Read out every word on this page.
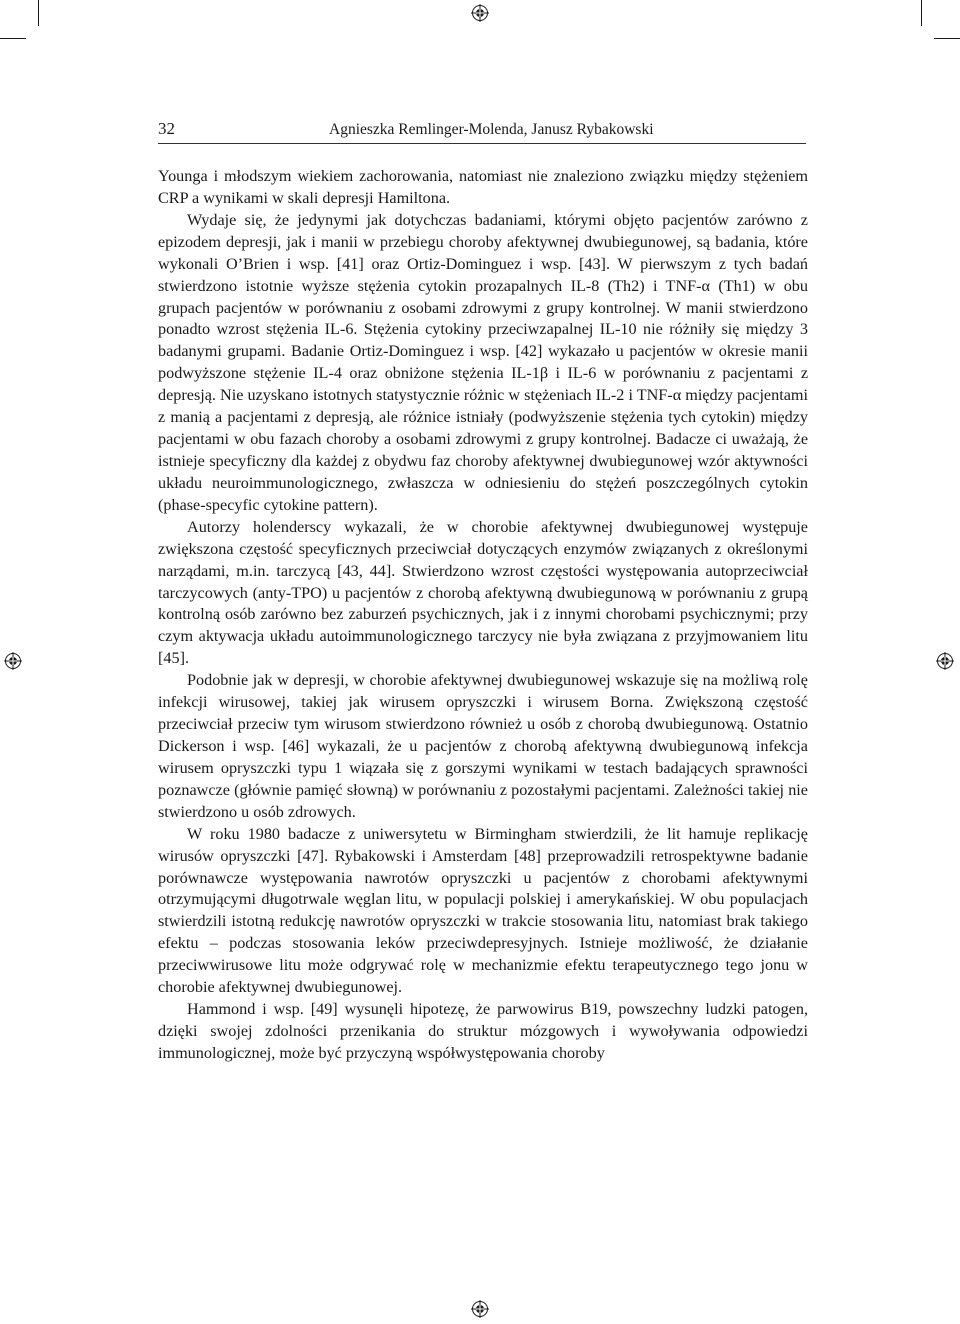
32	Agnieszka Remlinger-Molenda, Janusz Rybakowski

Younga i młodszym wiekiem zachorowania, natomiast nie znaleziono związku między stężeniem CRP a wynikami w skali depresji Hamiltona.

Wydaje się, że jedynymi jak dotychczas badaniami, którymi objęto pacjentów zarówno z epizodem depresji, jak i manii w przebiegu choroby afektywnej dwubiegunowej, są badania, które wykonali O’Brien i wsp. [41] oraz Ortiz-Dominguez i wsp. [43]. W pierwszym z tych badań stwierdzono istotnie wyższe stężenia cytokin prozapalnych IL-8 (Th2) i TNF-α (Th1) w obu grupach pacjentów w porównaniu z osobami zdrowymi z grupy kontrolnej. W manii stwierdzono ponadto wzrost stężenia IL-6. Stężenia cytokiny przeciwzapalnej IL-10 nie różniły się między 3 badanymi grupami. Badanie Ortiz-Dominguez i wsp. [42] wykazało u pacjentów w okresie manii podwyższone stężenie IL-4 oraz obniżone stężenia IL-1β i IL-6 w porównaniu z pacjentami z depresją. Nie uzyskano istotnych statystycznie różnic w stężeniach IL-2 i TNF-α między pacjentami z manią a pacjentami z depresją, ale różnice istniały (podwyższenie stężenia tych cytokin) między pacjentami w obu fazach choroby a osobami zdrowymi z grupy kontrolnej. Badacze ci uważają, że istnieje specyficzny dla każdej z obydwu faz choroby afektywnej dwubiegunowej wzór aktywności układu neuroimmunologicznego, zwłaszcza w odniesieniu do stężeń poszczególnych cytokin (phase-specyfic cytokine pattern).

Autorzy holenderscy wykazali, że w chorobie afektywnej dwubiegunowej występuje zwiększona częstość specyficznych przeciwciał dotyczących enzymów związanych z określonymi narządami, m.in. tarczycą [43, 44]. Stwierdzono wzrost częstości występowania autoprzeciwciał tarczycowych (anty-TPO) u pacjentów z chorobą afektywną dwubiegunową w porównaniu z grupą kontrolną osób zarówno bez zaburzeń psychicznych, jak i z innymi chorobami psychicznymi; przy czym aktywacja układu autoimmunologicznego tarczycy nie była związana z przyjmowaniem litu [45].

Podobnie jak w depresji, w chorobie afektywnej dwubiegunowej wskazuje się na możliwą rolę infekcji wirusowej, takiej jak wirusem opryszczki i wirusem Borna. Zwiększoną częstość przeciwciał przeciw tym wirusom stwierdzono również u osób z chorobą dwubiegunową. Ostatnio Dickerson i wsp. [46] wykazali, że u pacjentów z chorobą afektywną dwubiegunową infekcja wirusem opryszczki typu 1 wiązała się z gorszymi wynikami w testach badających sprawności poznawcze (głównie pamięć słowną) w porównaniu z pozostałymi pacjentami. Zależności takiej nie stwierdzono u osób zdrowych.

W roku 1980 badacze z uniwersytetu w Birmingham stwierdzili, że lit hamuje replikację wirusów opryszczki [47]. Rybakowski i Amsterdam [48] przeprowadzili retrospektywne badanie porównawcze występowania nawrotów opryszczki u pacjentów z chorobami afektywnymi otrzymującymi długotrwale węglan litu, w populacji polskiej i amerykańskiej. W obu populacjach stwierdzili istotną redukcję nawrotów opryszczki w trakcie stosowania litu, natomiast brak takiego efektu – podczas stosowania leków przeciwdepresyjnych. Istnieje możliwość, że działanie przeciwwirusowe litu może odgrywać rolę w mechanizmie efektu terapeutycznego tego jonu w chorobie afektywnej dwubiegunowej.

Hammond i wsp. [49] wysunęli hipotezę, że parwowirus B19, powszechny ludzki patogen, dzięki swojej zdolności przenikania do struktur mózgowych i wywoływania odpowiedzi immunologicznej, może być przyczyną współwystępowania choroby
